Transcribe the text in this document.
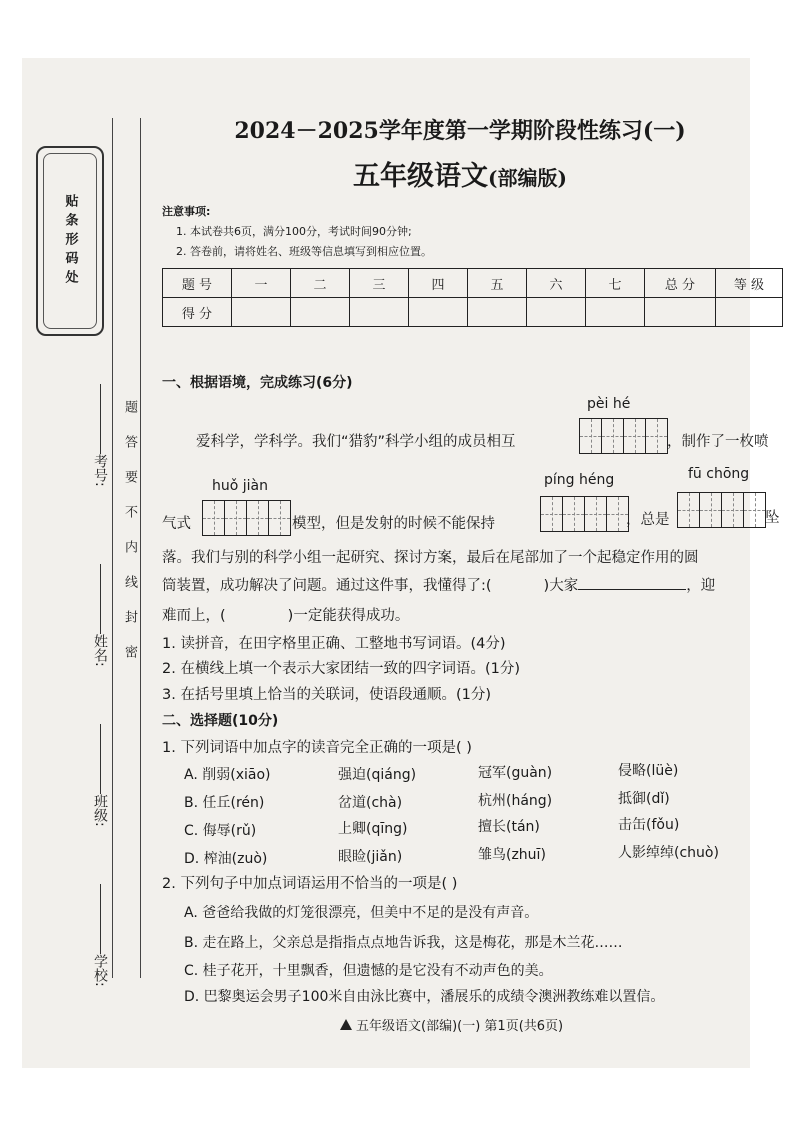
贴条形码处
题答要不内线封密
考号:
姓名:
班级:
学校:
2024－2025学年度第一学期阶段性练习(一)
五年级语文(部编版)
注意事项:
1. 本试卷共6页，满分100分，考试时间90分钟;
2. 答卷前，请将姓名、班级等信息填写到相应位置。
题 号	一	二	三	四	五	六	七	总 分	等 级
得 分									
一、根据语境，完成练习(6分)
pèi hé
爱科学，学科学。我们“猎豹”科学小组的成员相互	，制作了一枚喷
huǒ jiàn	píng héng	fū chōng
气式	模型，但是发射的时候不能保持	，总是	坠
落。我们与别的科学小组一起研究、探讨方案，最后在尾部加了一个起稳定作用的圆
筒装置，成功解决了问题。通过这件事，我懂得了:(	)大家	，迎
难而上，(	)一定能获得成功。
1. 读拼音，在田字格里正确、工整地书写词语。(4分)
2. 在横线上填一个表示大家团结一致的四字词语。(1分)
3. 在括号里填上恰当的关联词，使语段通顺。(1分)
二、选择题(10分)
1. 下列词语中加点字的读音完全正确的一项是( )
A. 削弱(xiāo)	强迫(qiáng)	冠军(guàn)	侵略(lüè)
B. 任丘(rén)	岔道(chà)	杭州(háng)	抵御(dǐ)
C. 侮辱(rǔ)	上卿(qīng)	擅长(tán)	击缶(fǒu)
D. 榨油(zuò)	眼睑(jiǎn)	雏鸟(zhuī)	人影绰绰(chuò)
2. 下列句子中加点词语运用不恰当的一项是( )
A. 爸爸给我做的灯笼很漂亮，但美中不足的是没有声音。
B. 走在路上，父亲总是指指点点地告诉我，这是梅花，那是木兰花……
C. 桂子花开，十里飘香，但遗憾的是它没有不动声色的美。
D. 巴黎奥运会男子100米自由泳比赛中，潘展乐的成绩令澳洲教练难以置信。
五年级语文(部编)(一) 第1页(共6页)
